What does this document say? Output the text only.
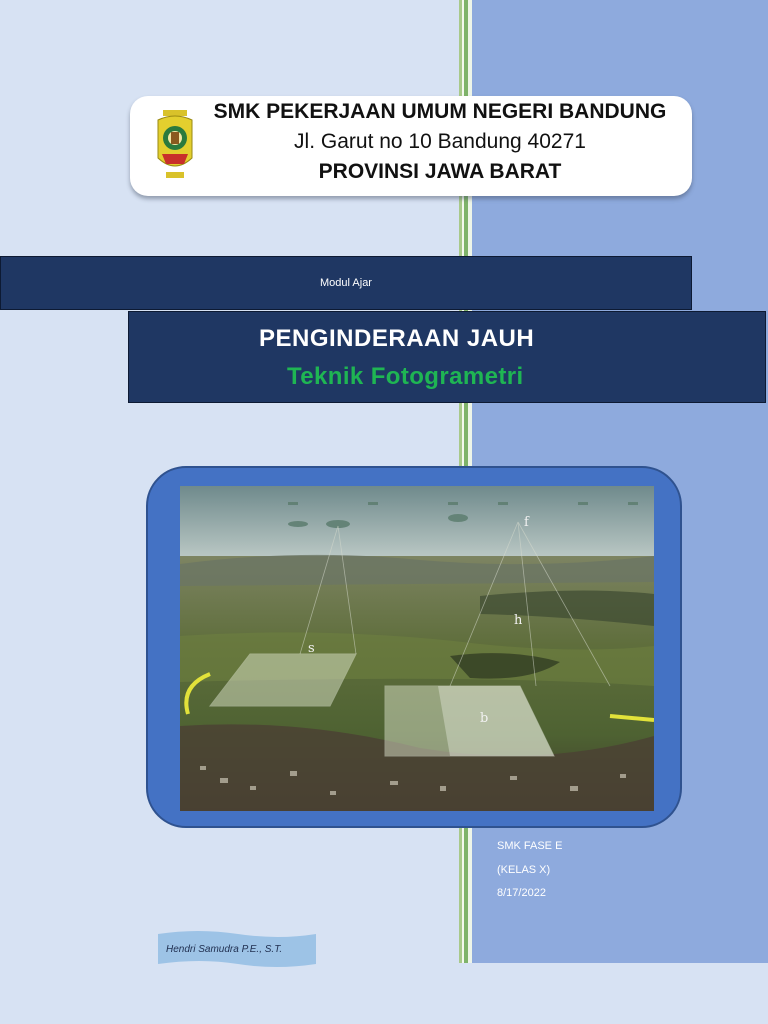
SMK PEKERJAAN UMUM NEGERI BANDUNG
Jl. Garut no 10 Bandung 40271
PROVINSI JAWA BARAT
Modul Ajar
PENGINDERAAN JAUH
Teknik Fotogrametri
f
h
s
b
SMK FASE E
(KELAS X)
8/17/2022
Hendri Samudra P.E., S.T.
